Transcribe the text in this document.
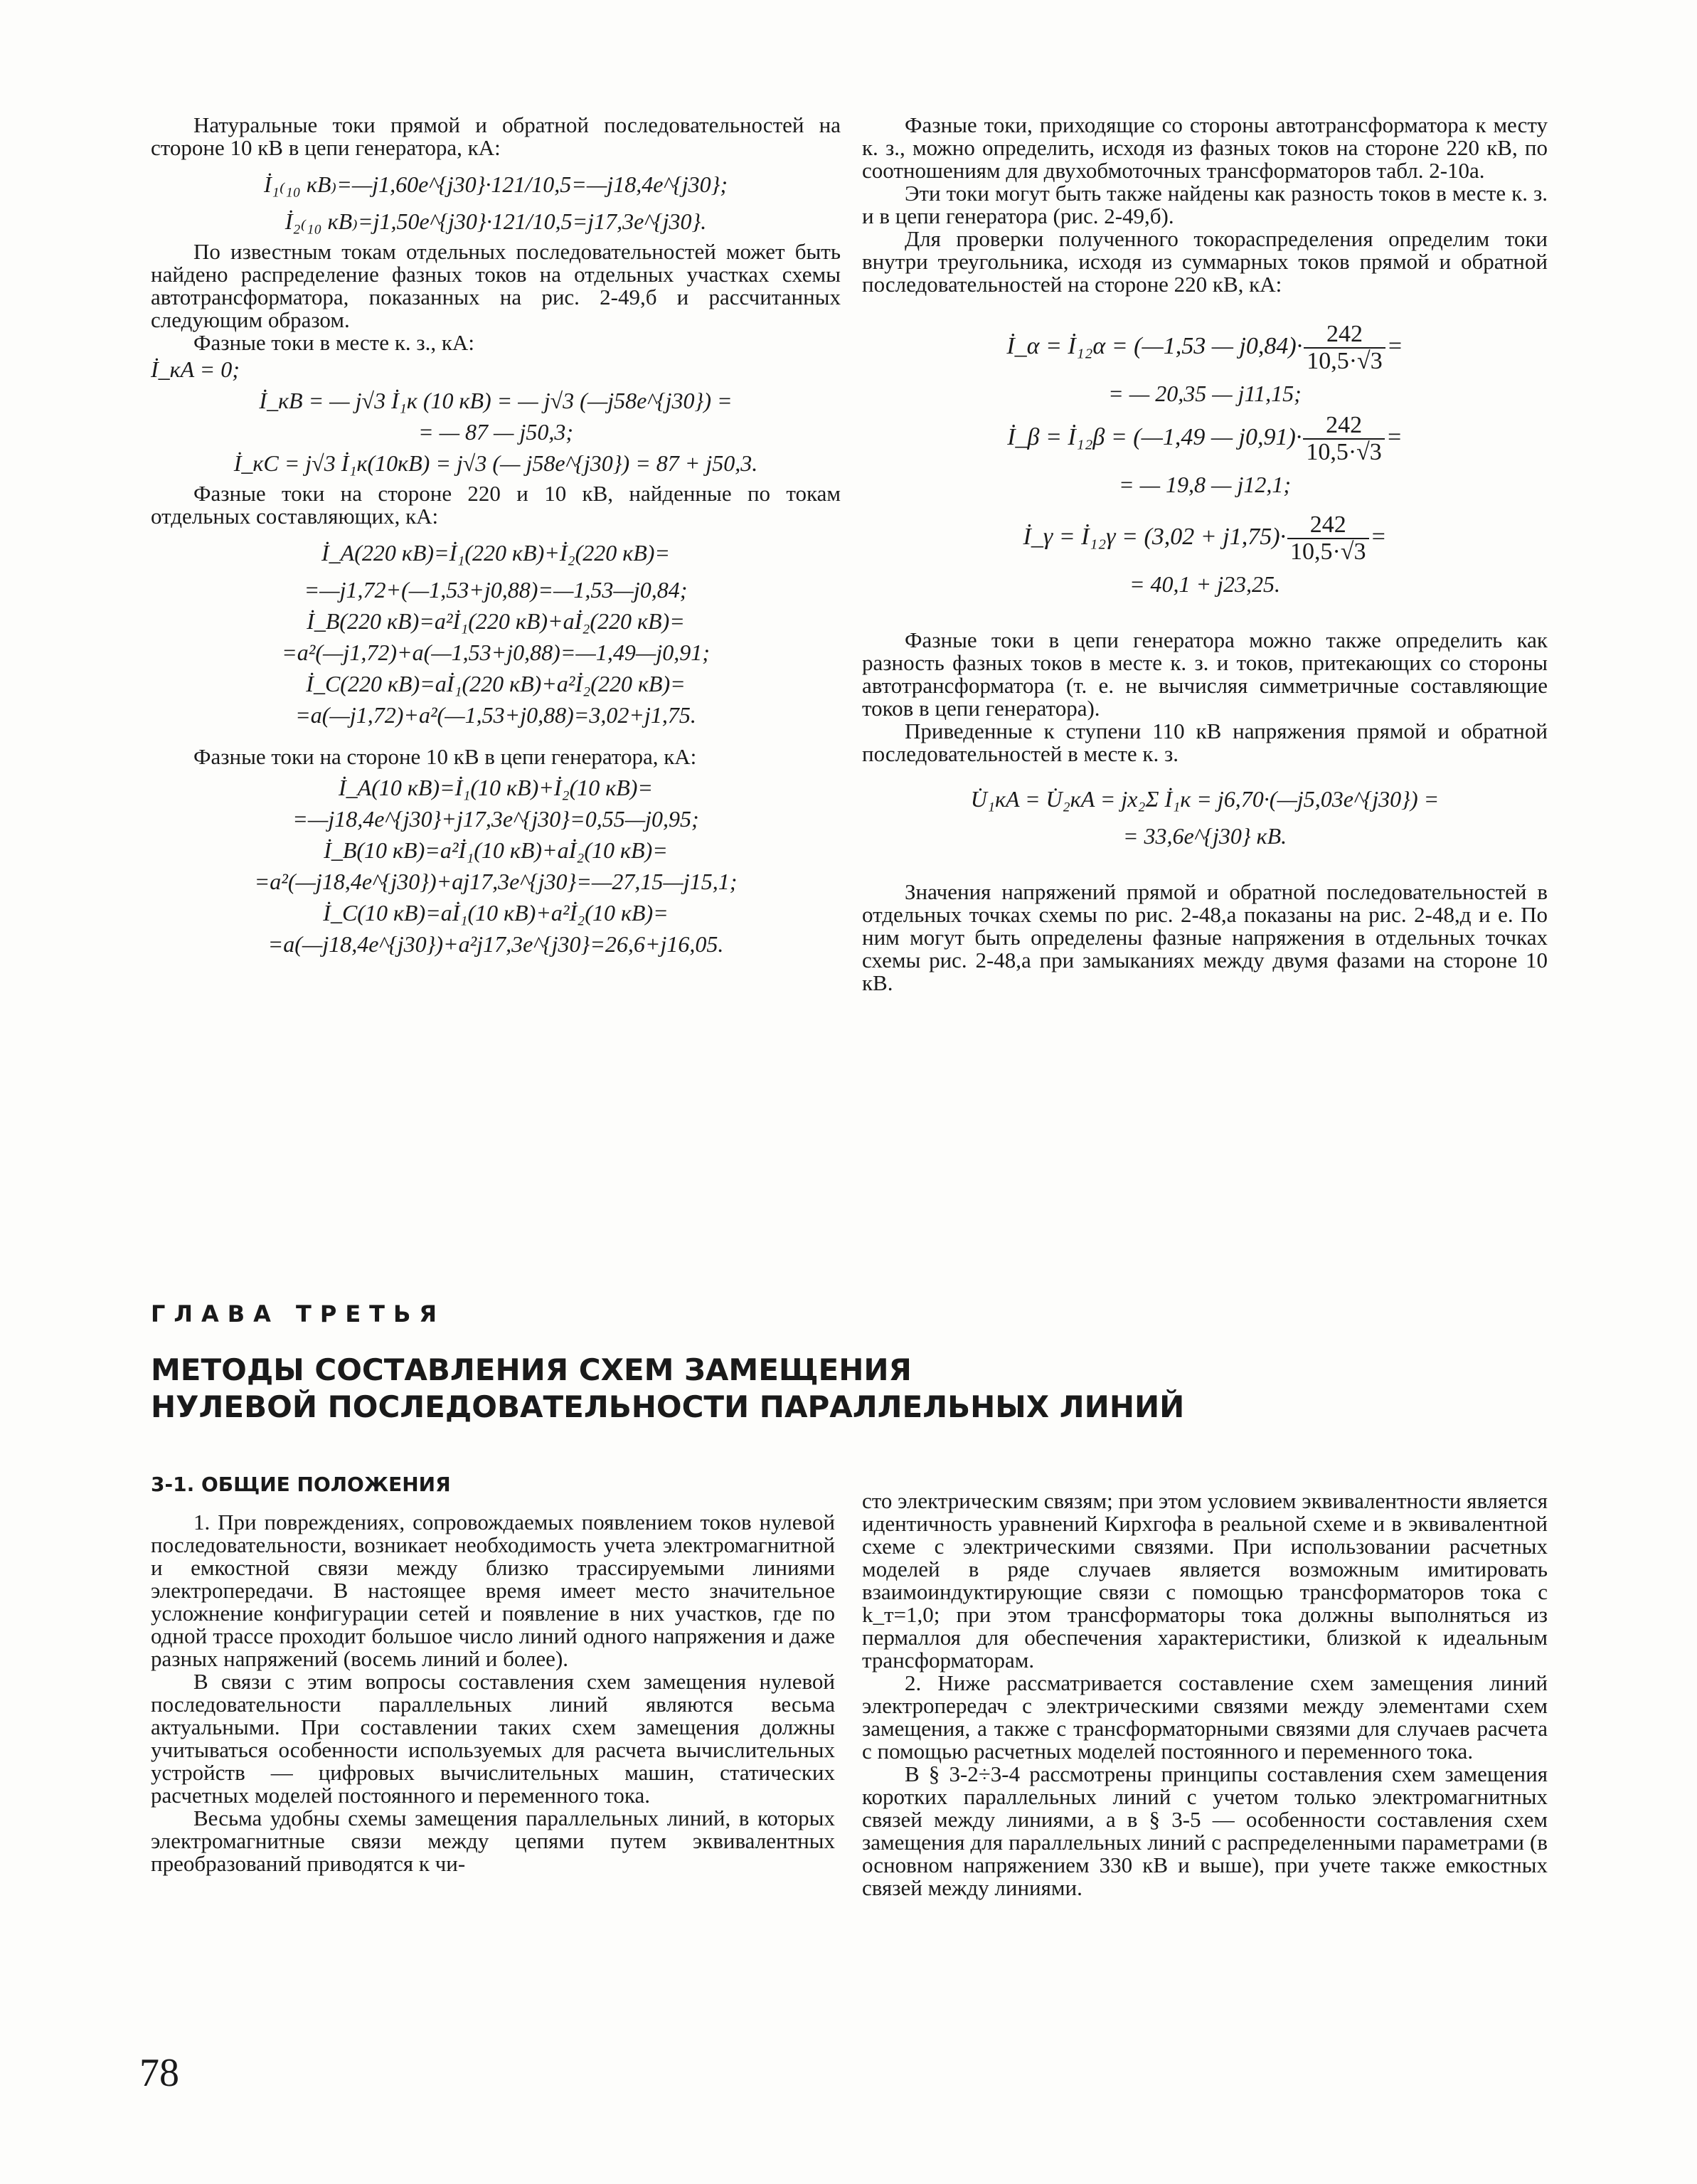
Натуральные токи прямой и обратной последовательностей на стороне 10 кВ в цепи генератора, кА:

İ₁₍₁₀ кВ₎=—j1,60e^{j30}·121/10,5=—j18,4e^{j30};
İ₂₍₁₀ кВ₎=j1,50e^{j30}·121/10,5=j17,3e^{j30}.

По известным токам отдельных последовательностей может быть найдено распределение фазных токов на отдельных участках схемы автотрансформатора, показанных на рис. 2-49,б и рассчитанных следующим образом.

Фазные токи в месте к. з., кА:

İ_кA = 0;
İ_кB = — j√3 İ₁к (10 кВ) = — j√3 (—j58e^{j30}) =
= — 87 — j50,3;
İ_кC = j√3 İ₁к(10кВ) = j√3 (— j58e^{j30}) = 87 + j50,3.

Фазные токи на стороне 220 и 10 кВ, найденные по токам отдельных составляющих, кА:

İ_A(220 кВ)=İ₁(220 кВ)+İ₂(220 кВ)=
=—j1,72+(—1,53+j0,88)=—1,53—j0,84;
İ_B(220 кВ)=a²İ₁(220 кВ)+aİ₂(220 кВ)=
=a²(—j1,72)+a(—1,53+j0,88)=—1,49—j0,91;
İ_C(220 кВ)=aİ₁(220 кВ)+a²İ₂(220 кВ)=
=a(—j1,72)+a²(—1,53+j0,88)=3,02+j1,75.

Фазные токи на стороне 10 кВ в цепи генератора, кА:

İ_A(10 кВ)=İ₁(10 кВ)+İ₂(10 кВ)=
=—j18,4e^{j30}+j17,3e^{j30}=0,55—j0,95;
İ_B(10 кВ)=a²İ₁(10 кВ)+aİ₂(10 кВ)=
=a²(—j18,4e^{j30})+aj17,3e^{j30}=—27,15—j15,1;
İ_C(10 кВ)=aİ₁(10 кВ)+a²İ₂(10 кВ)=
=a(—j18,4e^{j30})+a²j17,3e^{j30}=26,6+j16,05.

Фазные токи, приходящие со стороны автотрансформатора к месту к. з., можно определить, исходя из фазных токов на стороне 220 кВ, по соотношениям для двухобмоточных трансформаторов табл. 2-10а.

Эти токи могут быть также найдены как разность токов в месте к. з. и в цепи генератора (рис. 2-49,б).

Для проверки полученного токораспределения определим токи внутри треугольника, исходя из суммарных токов прямой и обратной последовательностей на стороне 220 кВ, кА:

İ_α = İ₁₂α = (—1,53 — $j0,84)\cdot \frac{242}{10,5\cdot√3}$ =
= — 20,35 — j11,15;
İ_β = İ₁₂β = (—1,49 — $j0,91)\cdot \frac{242}{10,5\cdot√3}$ =
= — 19,8 — j12,1;
İ_γ = İ₁₂γ = $(3,02 + j1,75)\cdot \frac{242}{10,5\cdot√3}$ =
= 40,1 + j23,25.

Фазные токи в цепи генератора можно также определить как разность фазных токов в месте к. з. и токов, притекающих со стороны автотрансформатора (т. е. не вычисляя симметричные составляющие токов в цепи генератора).

Приведенные к ступени 110 кВ напряжения прямой и обратной последовательностей в месте к. з.

U̇₁кA = U̇₂кA = jx₂Σ İ₁к = j6,70·(—j5,03e^{j30}) =
= 33,6e^{j30} кВ.

Значения напряжений прямой и обратной последовательностей в отдельных точках схемы по рис. 2-48,а показаны на рис. 2-48,д и е. По ним могут быть определены фазные напряжения в отдельных точках схемы рис. 2-48,а при замыканиях между двумя фазами на стороне 10 кВ.

ГЛАВА ТРЕТЬЯ
МЕТОДЫ СОСТАВЛЕНИЯ СХЕМ ЗАМЕЩЕНИЯ
НУЛЕВОЙ ПОСЛЕДОВАТЕЛЬНОСТИ ПАРАЛЛЕЛЬНЫХ ЛИНИЙ
3-1. ОБЩИЕ ПОЛОЖЕНИЯ

1. При повреждениях, сопровождаемых появлением токов нулевой последовательности, возникает необходимость учета электромагнитной и емкостной связи между близко трассируемыми линиями электропередачи. В настоящее время имеет место значительное усложнение конфигурации сетей и появление в них участков, где по одной трассе проходит большое число линий одного напряжения и даже разных напряжений (восемь линий и более).

В связи с этим вопросы составления схем замещения нулевой последовательности параллельных линий являются весьма актуальными. При составлении таких схем замещения должны учитываться особенности используемых для расчета вычислительных устройств — цифровых вычислительных машин, статических расчетных моделей постоянного и переменного тока.

Весьма удобны схемы замещения параллельных линий, в которых электромагнитные связи между цепями путем эквивалентных преобразований приводятся к чи-

сто электрическим связям; при этом условием эквивалентности является идентичность уравнений Кирхгофа в реальной схеме и в эквивалентной схеме с электрическими связями. При использовании расчетных моделей в ряде случаев является возможным имитировать взаимоиндуктирующие связи с помощью трансформаторов тока с k_т=1,0; при этом трансформаторы тока должны выполняться из пермаллоя для обеспечения характеристики, близкой к идеальным трансформаторам.

2. Ниже рассматривается составление схем замещения линий электропередач с электрическими связями между элементами схем замещения, а также с трансформаторными связями для случаев расчета с помощью расчетных моделей постоянного и переменного тока.

В § 3-2÷3-4 рассмотрены принципы составления схем замещения коротких параллельных линий с учетом только электромагнитных связей между линиями, а в § 3-5 — особенности составления схем замещения для параллельных линий с распределенными параметрами (в основном напряжением 330 кВ и выше), при учете также емкостных связей между линиями.

78
